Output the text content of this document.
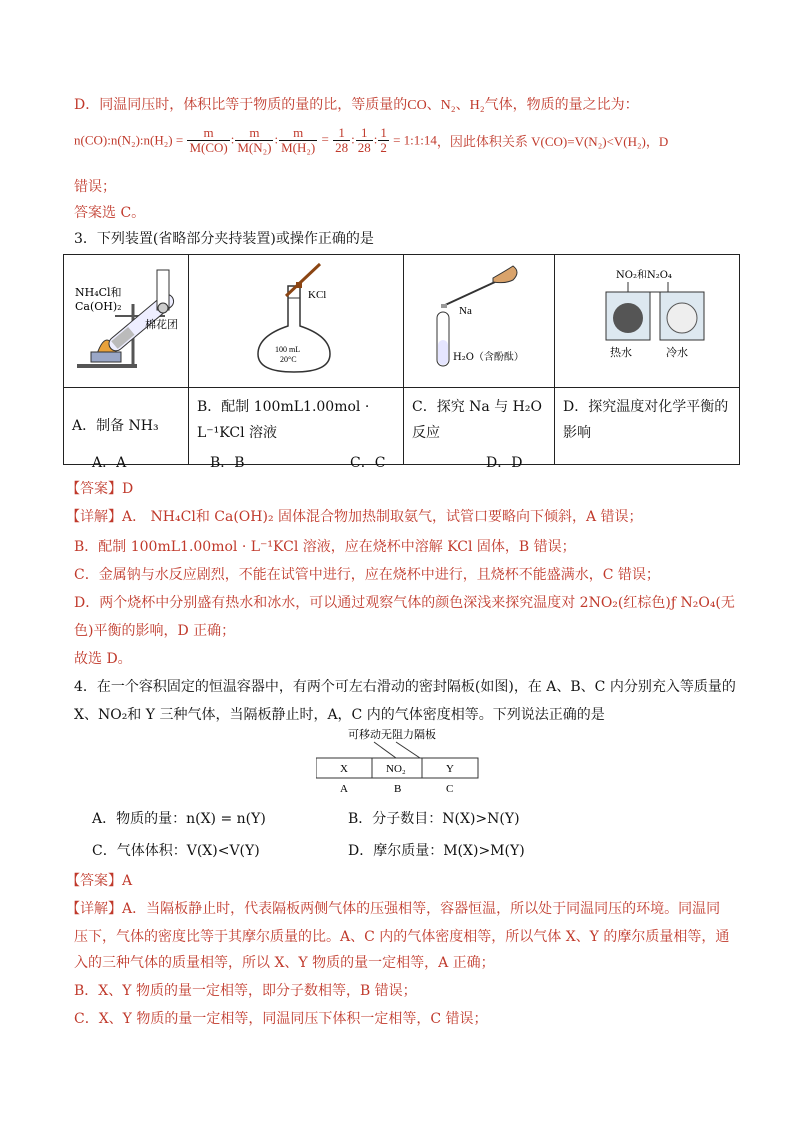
D．同温同压时，体积比等于物质的量的比，等质量的CO、N₂、H₂气体，物质的量之比为：
n(CO):n(N₂):n(H₂) = $\frac{m}{M(CO)}$ : $\frac{m}{\text{M(N₂)}}$ : $\frac{m}{\text{M(H₂)}} = \frac{1}{28}$ : $\frac{1}{28}$ : $\frac{1}{2}$ = 1:1:14，因此体积关系 V(CO)=V(N₂)<V(H₂)，D
错误；
答案选 C。
3．下列装置(省略部分夹持装置)或操作正确的是
NH₄Cl和
Ca(OH)₂
棉花团	KCl
100 mL
20°C	Na
H₂O（含酚酞）	NO₂和N₂O₄
热水 冷水

A．制备 NH₃	B．配制 100mL1.00mol · L⁻¹KCl 溶液	C．探究 Na 与 H₂O 反应	D．探究温度对化学平衡的影响
A．A	B．B	C．C	D．D
【答案】D
【详解】A． NH₄Cl和 Ca(OH)₂ 固体混合物加热制取氨气，试管口要略向下倾斜，A 错误；
B．配制 100mL1.00mol · L⁻¹KCl 溶液，应在烧杯中溶解 KCl 固体，B 错误；
C．金属钠与水反应剧烈，不能在试管中进行，应在烧杯中进行，且烧杯不能盛满水，C 错误；
D．两个烧杯中分别盛有热水和冰水，可以通过观察气体的颜色深浅来探究温度对 2NO₂(红棕色)ƒ N₂O₄(无
色)平衡的影响，D 正确；
故选 D。
4．在一个容积固定的恒温容器中，有两个可左右滑动的密封隔板(如图)，在 A、B、C 内分别充入等质量的
X、NO₂和 Y 三种气体，当隔板静止时，A，C 内的气体密度相等。下列说法正确的是
可移动无阻力隔板
X	NO₂	Y
A	B	C
A．物质的量：n(X) = n(Y)	B．分子数目：N(X)>N(Y)
C．气体体积：V(X)<V(Y)	D．摩尔质量：M(X)>M(Y)
【答案】A
【详解】A．当隔板静止时，代表隔板两侧气体的压强相等，容器恒温，所以处于同温同压的环境。同温同
压下，气体的密度比等于其摩尔质量的比。A、C 内的气体密度相等，所以气体 X、Y 的摩尔质量相等，通
入的三种气体的质量相等，所以 X、Y 物质的量一定相等，A 正确；
B．X、Y 物质的量一定相等，即分子数相等，B 错误；
C．X、Y 物质的量一定相等，同温同压下体积一定相等，C 错误；
